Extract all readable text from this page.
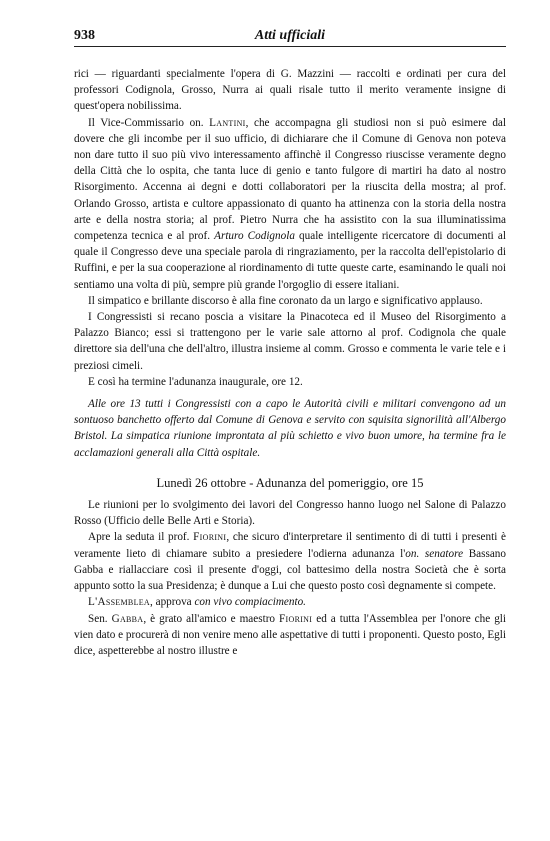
938	Atti ufficiali

rici — riguardanti specialmente l'opera di G. Mazzini — raccolti e ordinati per cura del professori Codignola, Grosso, Nurra ai quali risale tutto il merito veramente insigne di quest'opera nobilissima.

Il Vice-Commissario on. Lantini, che accompagna gli studiosi non si può esimere dal dovere che gli incombe per il suo ufficio, di dichiarare che il Comune di Genova non poteva non dare tutto il suo più vivo interessamento affinchè il Congresso riuscisse veramente degno della Città che lo ospita, che tanta luce di genio e tanto fulgore di martiri ha dato al nostro Risorgimento. Accenna ai degni e dotti collaboratori per la riuscita della mostra; al prof. Orlando Grosso, artista e cultore appassionato di quanto ha attinenza con la storia della nostra arte e della nostra storia; al prof. Pietro Nurra che ha assistito con la sua illuminatissima competenza tecnica e al prof. Arturo Codignola quale intelligente ricercatore di documenti al quale il Congresso deve una speciale parola di ringraziamento, per la raccolta dell'epistolario di Ruffini, e per la sua cooperazione al riordinamento di tutte queste carte, esaminando le quali noi sentiamo una volta di più, sempre più grande l'orgoglio di essere italiani.

Il simpatico e brillante discorso è alla fine coronato da un largo e significativo applauso.

I Congressisti si recano poscia a visitare la Pinacoteca ed il Museo del Risorgimento a Palazzo Bianco; essi si trattengono per le varie sale attorno al prof. Codignola che quale direttore sia dell'una che dell'altro, illustra insieme al comm. Grosso e commenta le varie tele e i preziosi cimeli.

E così ha termine l'adunanza inaugurale, ore 12.

Alle ore 13 tutti i Congressisti con a capo le Autorità civili e militari convengono ad un sontuoso banchetto offerto dal Comune di Genova e servito con squisita signorilità all'Albergo Bristol. La simpatica riunione improntata al più schietto e vivo buon umore, ha termine fra le acclamazioni generali alla Città ospitale.

Lunedì 26 ottobre - Adunanza del pomeriggio, ore 15

Le riunioni per lo svolgimento dei lavori del Congresso hanno luogo nel Salone di Palazzo Rosso (Ufficio delle Belle Arti e Storia).

Apre la seduta il prof. Fiorini, che sicuro d'interpretare il sentimento di di tutti i presenti è veramente lieto di chiamare subito a presiedere l'odierna adunanza l'on. senatore Bassano Gabba e riallacciare così il presente d'oggi, col battesimo della nostra Società che è sorta appunto sotto la sua Presidenza; è dunque a Lui che questo posto così degnamente si compete.

L'Assemblea, approva con vivo compiacimento.

Sen. Gabba, è grato all'amico e maestro Fiorini ed a tutta l'Assemblea per l'onore che gli vien dato e procurerà di non venire meno alle aspettative di tutti i proponenti. Questo posto, Egli dice, aspetterebbe al nostro illustre e
